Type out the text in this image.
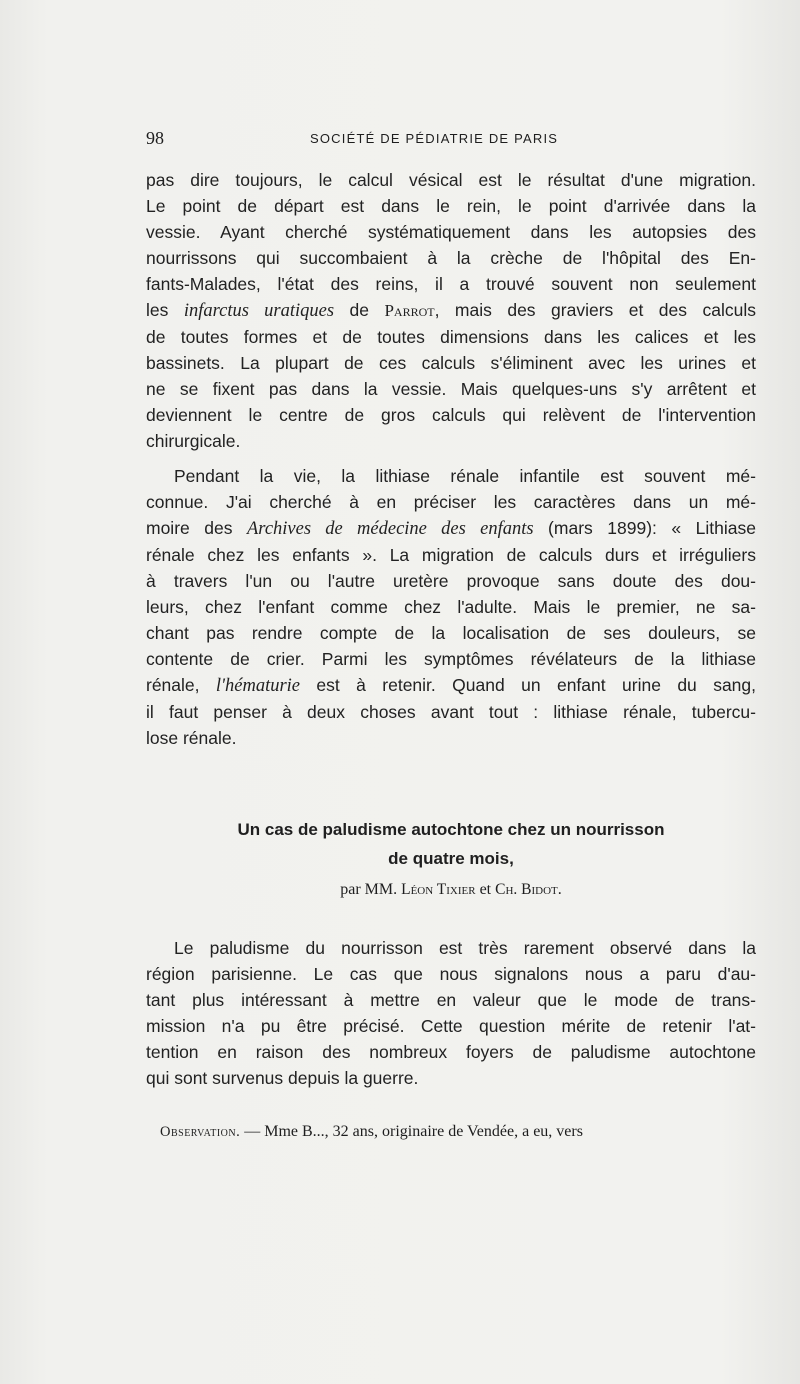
98	SOCIÉTÉ DE PÉDIATRIE DE PARIS
pas dire toujours, le calcul vésical est le résultat d'une migration.
Le point de départ est dans le rein, le point d'arrivée dans la
vessie. Ayant cherché systématiquement dans les autopsies des
nourrissons qui succombaient à la crèche de l'hôpital des En-
fants-Malades, l'état des reins, il a trouvé souvent non seulement
les infarctus uratiques de Parrot, mais des graviers et des calculs
de toutes formes et de toutes dimensions dans les calices et les
bassinets. La plupart de ces calculs s'éliminent avec les urines et
ne se fixent pas dans la vessie. Mais quelques-uns s'y arrêtent et
deviennent le centre de gros calculs qui relèvent de l'intervention
chirurgicale.
Pendant la vie, la lithiase rénale infantile est souvent mé-
connue. J'ai cherché à en préciser les caractères dans un mé-
moire des Archives de médecine des enfants (mars 1899): « Lithiase
rénale chez les enfants ». La migration de calculs durs et irréguliers
à travers l'un ou l'autre uretère provoque sans doute des dou-
leurs, chez l'enfant comme chez l'adulte. Mais le premier, ne sa-
chant pas rendre compte de la localisation de ses douleurs, se
contente de crier. Parmi les symptômes révélateurs de la lithiase
rénale, l'hématurie est à retenir. Quand un enfant urine du sang,
il faut penser à deux choses avant tout : lithiase rénale, tubercu-
lose rénale.
Un cas de paludisme autochtone chez un nourrisson
de quatre mois,
par MM. Léon Tixier et Ch. Bidot.
Le paludisme du nourrisson est très rarement observé dans la
région parisienne. Le cas que nous signalons nous a paru d'au-
tant plus intéressant à mettre en valeur que le mode de trans-
mission n'a pu être précisé. Cette question mérite de retenir l'at-
tention en raison des nombreux foyers de paludisme autochtone
qui sont survenus depuis la guerre.
Observation. — Mme B..., 32 ans, originaire de Vendée, a eu, vers
